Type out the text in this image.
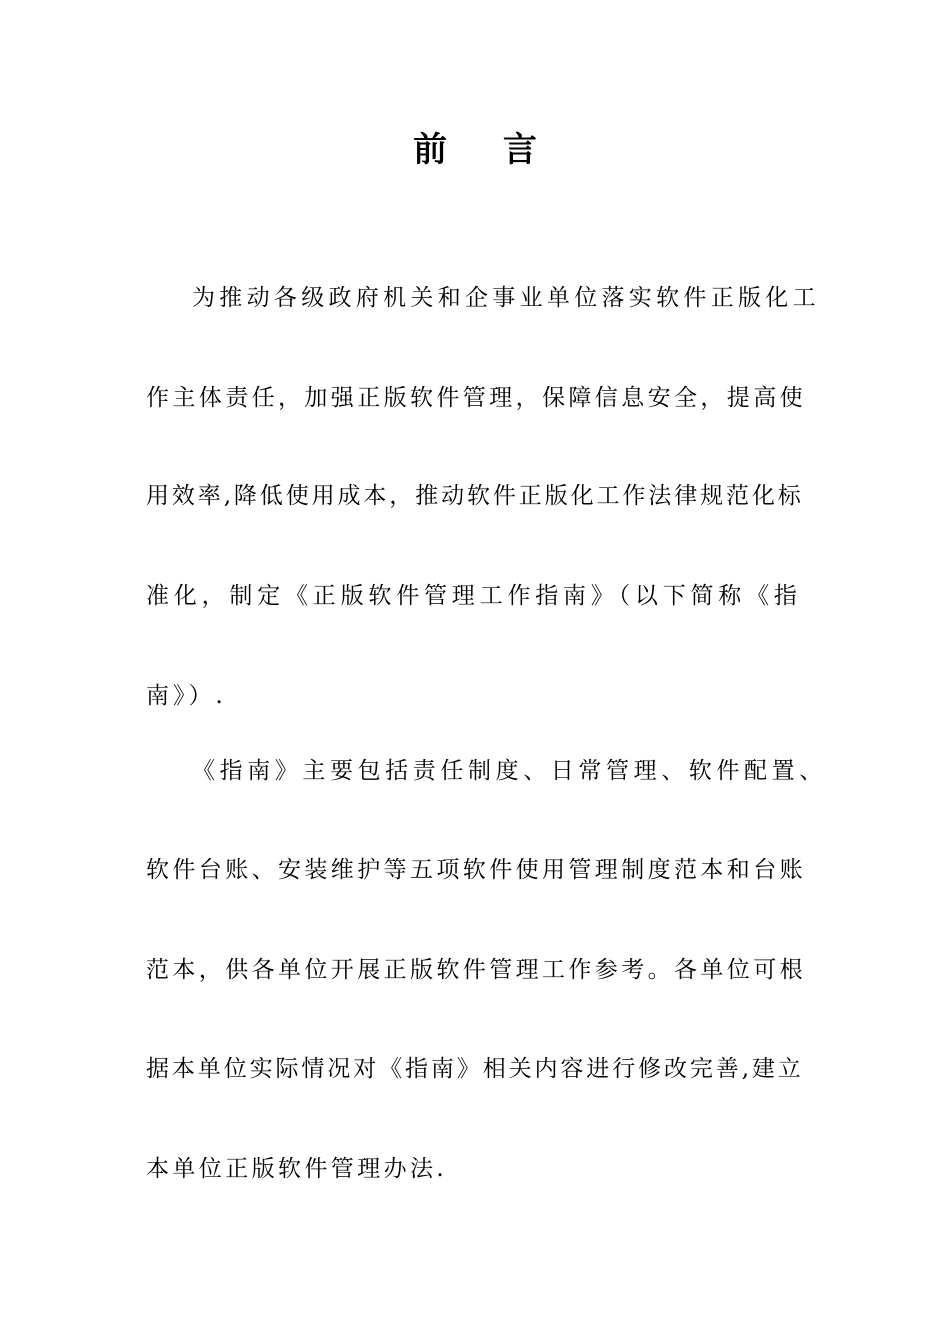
前 言

为推动各级政府机关和企事业单位落实软件正版化工

作主体责任，加强正版软件管理，保障信息安全，提高使

用效率,降低使用成本，推动软件正版化工作法律规范化标

准化，制定《正版软件管理工作指南》（以下简称《指

南》）.

《指南》主要包括责任制度、日常管理、软件配置、

软件台账、安装维护等五项软件使用管理制度范本和台账

范本，供各单位开展正版软件管理工作参考。各单位可根

据本单位实际情况对《指南》相关内容进行修改完善,建立

本单位正版软件管理办法.
